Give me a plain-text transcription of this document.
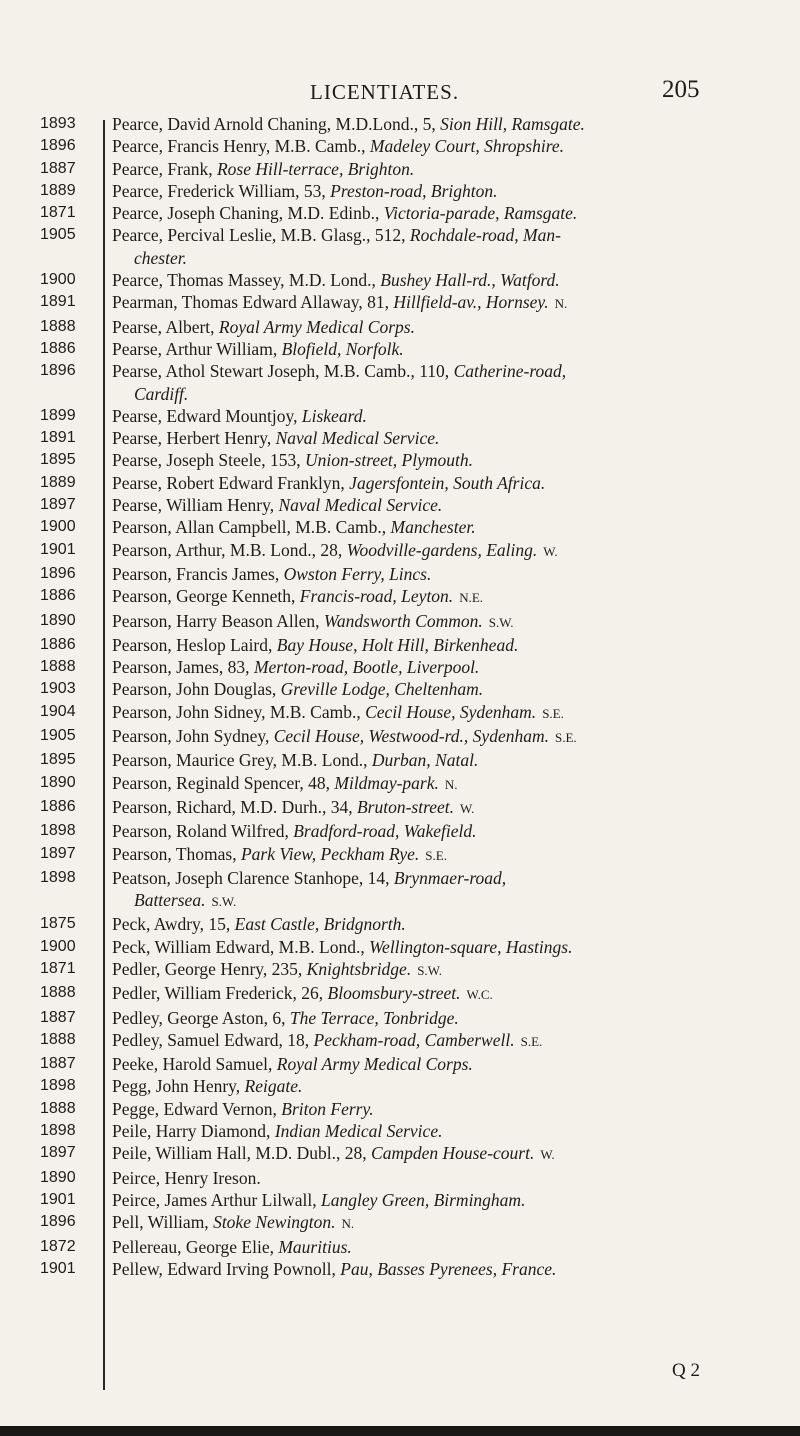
LICENTIATES.	205
1893	Pearce, David Arnold Chaning, M.D.Lond., 5, Sion Hill, Ramsgate.
1896	Pearce, Francis Henry, M.B. Camb., Madeley Court, Shropshire.
1887	Pearce, Frank, Rose Hill-terrace, Brighton.
1889	Pearce, Frederick William, 53, Preston-road, Brighton.
1871	Pearce, Joseph Chaning, M.D. Edinb., Victoria-parade, Ramsgate.
1905	Pearce, Percival Leslie, M.B. Glasg., 512, Rochdale-road, Man-
chester.
1900	Pearce, Thomas Massey, M.D. Lond., Bushey Hall-rd., Watford.
1891	Pearman, Thomas Edward Allaway, 81, Hillfield-av., Hornsey. N.
1888	Pearse, Albert, Royal Army Medical Corps.
1886	Pearse, Arthur William, Blofield, Norfolk.
1896	Pearse, Athol Stewart Joseph, M.B. Camb., 110, Catherine-road,
Cardiff.
1899	Pearse, Edward Mountjoy, Liskeard.
1891	Pearse, Herbert Henry, Naval Medical Service.
1895	Pearse, Joseph Steele, 153, Union-street, Plymouth.
1889	Pearse, Robert Edward Franklyn, Jagersfontein, South Africa.
1897	Pearse, William Henry, Naval Medical Service.
1900	Pearson, Allan Campbell, M.B. Camb., Manchester.
1901	Pearson, Arthur, M.B. Lond., 28, Woodville-gardens, Ealing. W.
1896	Pearson, Francis James, Owston Ferry, Lincs.
1886	Pearson, George Kenneth, Francis-road, Leyton. N.E.
1890	Pearson, Harry Beason Allen, Wandsworth Common. S.W.
1886	Pearson, Heslop Laird, Bay House, Holt Hill, Birkenhead.
1888	Pearson, James, 83, Merton-road, Bootle, Liverpool.
1903	Pearson, John Douglas, Greville Lodge, Cheltenham.
1904	Pearson, John Sidney, M.B. Camb., Cecil House, Sydenham. S.E.
1905	Pearson, John Sydney, Cecil House, Westwood-rd., Sydenham. S.E.
1895	Pearson, Maurice Grey, M.B. Lond., Durban, Natal.
1890	Pearson, Reginald Spencer, 48, Mildmay-park. N.
1886	Pearson, Richard, M.D. Durh., 34, Bruton-street. W.
1898	Pearson, Roland Wilfred, Bradford-road, Wakefield.
1897	Pearson, Thomas, Park View, Peckham Rye. S.E.
1898	Peatson, Joseph Clarence Stanhope, 14, Brynmaer-road,
Battersea. S.W.
1875	Peck, Awdry, 15, East Castle, Bridgnorth.
1900	Peck, William Edward, M.B. Lond., Wellington-square, Hastings.
1871	Pedler, George Henry, 235, Knightsbridge. S.W.
1888	Pedler, William Frederick, 26, Bloomsbury-street. W.C.
1887	Pedley, George Aston, 6, The Terrace, Tonbridge.
1888	Pedley, Samuel Edward, 18, Peckham-road, Camberwell. S.E.
1887	Peeke, Harold Samuel, Royal Army Medical Corps.
1898	Pegg, John Henry, Reigate.
1888	Pegge, Edward Vernon, Briton Ferry.
1898	Peile, Harry Diamond, Indian Medical Service.
1897	Peile, William Hall, M.D. Dubl., 28, Campden House-court. W.
1890	Peirce, Henry Ireson.
1901	Peirce, James Arthur Lilwall, Langley Green, Birmingham.
1896	Pell, William, Stoke Newington. N.
1872	Pellereau, George Elie, Mauritius.
1901	Pellew, Edward Irving Pownoll, Pau, Basses Pyrenees, France.
Q 2
